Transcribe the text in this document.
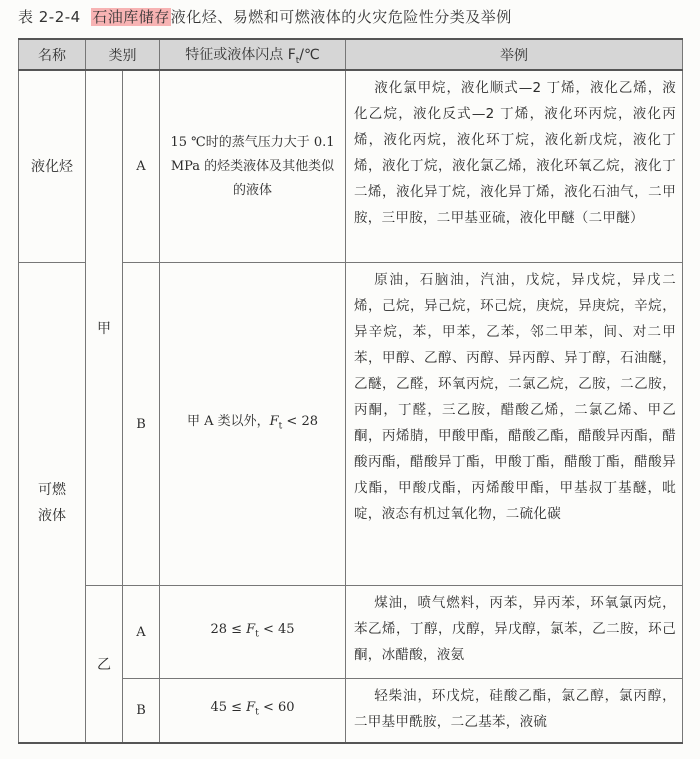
表 2-2-4 石油库储存液化烃、易燃和可燃液体的火灾危险性分类及举例
名称	类别		特征或液体闪点 $F_t/℃$	举例
液化烃	甲	A	15 ℃时的蒸气压力大于 0.1 MPa 的烃类液体及其他类似的液体	液化氯甲烷，液化顺式—2 丁烯，液化乙烯，液化乙烷，液化反式—2 丁烯，液化环丙烷，液化丙烯，液化丙烷，液化环丁烷，液化新戊烷，液化丁烯，液化丁烷，液化氯乙烯，液化环氧乙烷，液化丁二烯，液化异丁烷，液化异丁烯，液化石油气，二甲胺，三甲胺，二甲基亚硫，液化甲醚（二甲醚）

可燃
液体		B	甲 A 类以外，$F_t < 28$	原油，石脑油，汽油，戊烷，异戊烷，异戊二烯，己烷，异己烷，环己烷，庚烷，异庚烷，辛烷，异辛烷，苯，甲苯，乙苯，邻二甲苯，间、对二甲苯，甲醇、乙醇、丙醇、异丙醇、异丁醇，石油醚，乙醚，乙醛，环氧丙烷，二氯乙烷，乙胺，二乙胺，丙酮，丁醛，三乙胺，醋酸乙烯，二氯乙烯、甲乙酮，丙烯腈，甲酸甲酯，醋酸乙酯，醋酸异丙酯，醋酸丙酯，醋酸异丁酯，甲酸丁酯，醋酸丁酯，醋酸异戊酯，甲酸戊酯，丙烯酸甲酯，甲基叔丁基醚，吡啶，液态有机过氧化物，二硫化碳

	乙	A	$28 \le F_t < 45$	煤油，喷气燃料，丙苯，异丙苯，环氧氯丙烷，苯乙烯，丁醇，戊醇，异戊醇，氯苯，乙二胺，环己酮，冰醋酸，液氨

		B	$45 \le F_t < 60$	轻柴油，环戊烷，硅酸乙酯，氯乙醇，氯丙醇，二甲基甲酰胺，二乙基苯，液硫
